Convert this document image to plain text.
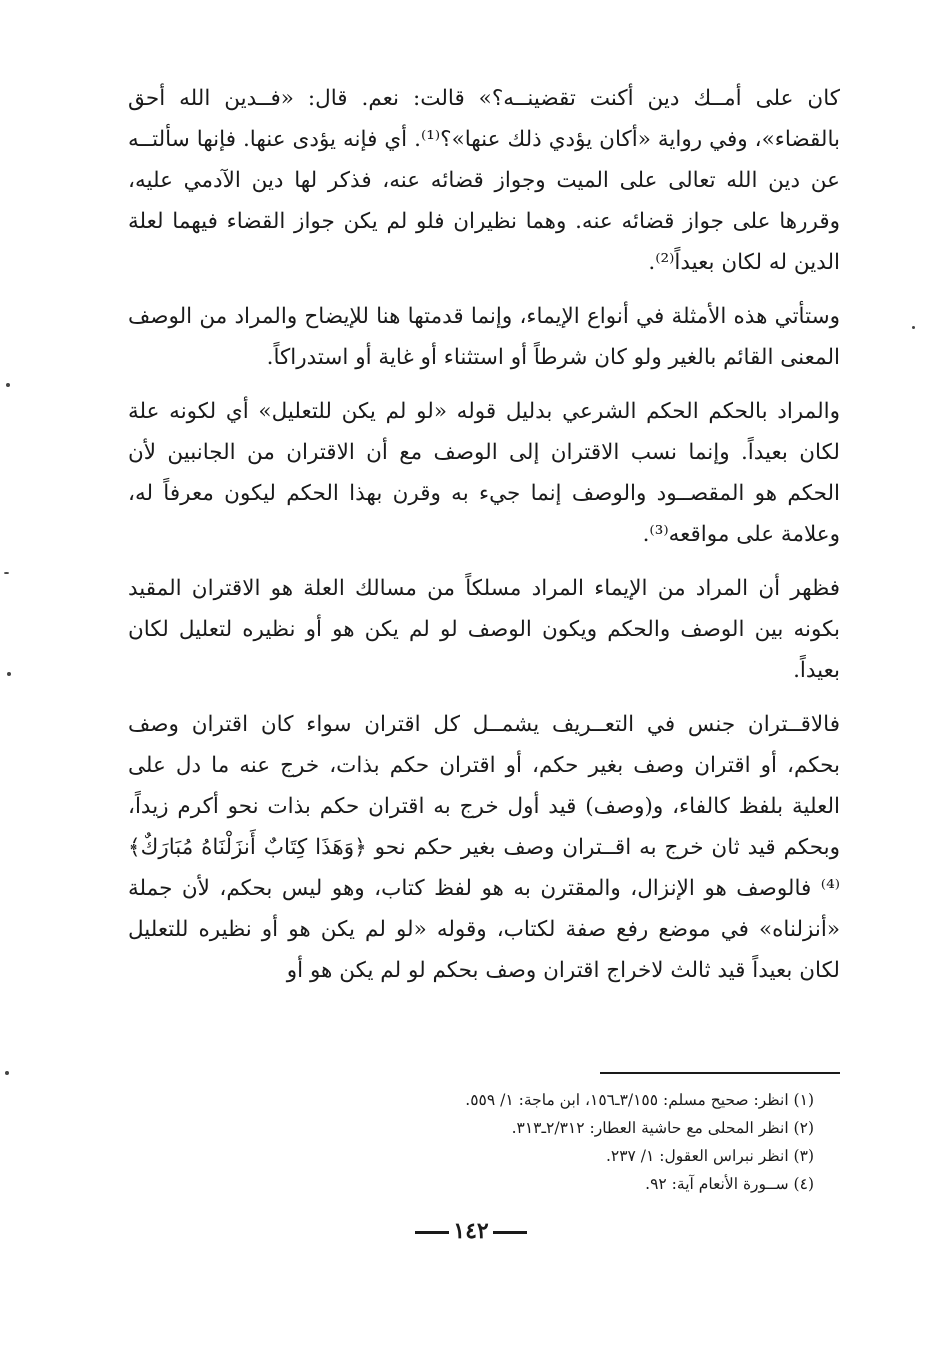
كان على أمــك دين أكنت تقضينــه؟» قالت: نعم. قال: «فــدين الله أحق بالقضاء»، وفي رواية «أكان يؤدي ذلك عنها»؟⁽¹⁾. أي فإنه يؤدى عنها. فإنها سألتــه عن دين الله تعالى على الميت وجواز قضائه عنه، فذكر لها دين الآدمي عليه، وقررها على جواز قضائه عنه. وهما نظيران فلو لم يكن جواز القضاء فيهما لعلة الدين له لكان بعيداً⁽²⁾.

وستأتي هذه الأمثلة في أنواع الإيماء، وإنما قدمتها هنا للإيضاح والمراد من الوصف المعنى القائم بالغير ولو كان شرطاً أو استثناء أو غاية أو استدراكاً.

والمراد بالحكم الحكم الشرعي بدليل قوله «لو لم يكن للتعليل» أي لكونه علة لكان بعيداً. وإنما نسب الاقتران إلى الوصف مع أن الاقتران من الجانبين لأن الحكم هو المقصــود والوصف إنما جيء به وقرن بهذا الحكم ليكون معرفاً له، وعلامة على مواقعه⁽³⁾.

فظهر أن المراد من الإيماء المراد مسلكاً من مسالك العلة هو الاقتران المقيد بكونه بين الوصف والحكم ويكون الوصف لو لم يكن هو أو نظيره لتعليل لكان بعيداً.

فالاقــتران جنس في التعــريف يشمــل كل اقتران سواء كان اقتران وصف بحكم، أو اقتران وصف بغير حكم، أو اقتران حكم بذات، خرج عنه ما دل على العلية بلفظ كالفاء، و(وصف) قيد أول خرج به اقتران حكم بذات نحو أكرم زيداً، وبحكم قيد ثان خرج به اقــتران وصف بغير حكم نحو ﴿وَهَذَا كِتَابٌ أَنزَلْنَاهُ مُبَارَكٌ﴾⁽⁴⁾ فالوصف هو الإنزال، والمقترن به هو لفظ كتاب، وهو ليس بحكم، لأن جملة «أنزلناه» في موضع رفع صفة لكتاب، وقوله «لو لم يكن هو أو نظيره للتعليل لكان بعيداً قيد ثالث لاخراج اقتران وصف بحكم لو لم يكن هو أو

(١) انظر: صحيح مسلم: ٣/١٥٥ـ١٥٦، ابن ماجة: ١/ ٥٥٩.

(٢) انظر المحلى مع حاشية العطار: ٢/٣١٢ـ٣١٣.

(٣) انظر نبراس العقول: ١/ ٢٣٧.

(٤) ســورة الأنعام آية: ٩٢.

١٤٢
